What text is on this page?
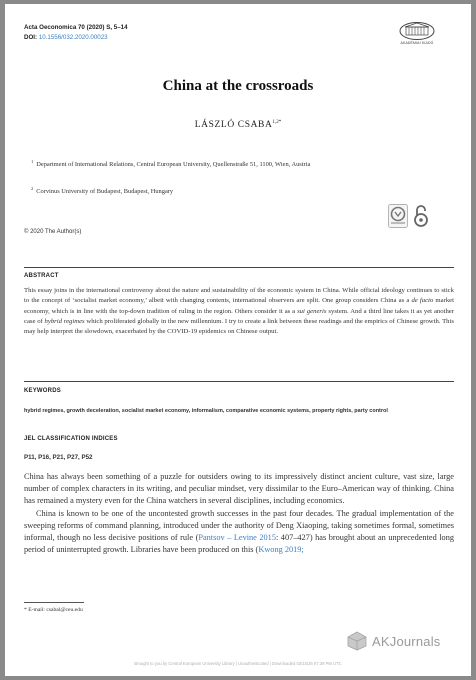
Acta Oeconomica 70 (2020) S, 5–14
DOI: 10.1556/032.2020.00023
AKADÉMIAI KIADÓ
China at the crossroads
LÁSZLÓ $CSABA^{1,2*}$
$^1$ Department of International Relations, Central European University, Quellenstraße 51, 1100, Wien, Austria
$^2$ Corvinus University of Budapest, Budapest, Hungary
© 2020 The Author(s)
ABSTRACT
This essay joins in the international controversy about the nature and sustainability of the economic system in China. While official ideology continues to stick to the concept of ‘socialist market economy,’ albeit with changing contents, international observers are split. One group considers China as a de facto market economy, which is in line with the top-down tradition of ruling in the region. Others consider it as a sui generis system. And a third line takes it as yet another case of hybrid regimes which proliferated globally in the new millennium. I try to create a link between these readings and the empirics of Chinese growth. This may help interpret the slowdown, exacerbated by the COVID-19 epidemics on Chinese output.
KEYWORDS
hybrid regimes, growth deceleration, socialist market economy, informalism, comparative economic systems, property rights, party control
JEL CLASSIFICATION INDICES
P11, P16, P21, P27, P52

China has always been something of a puzzle for outsiders owing to its impressively distinct ancient culture, vast size, large number of complex characters in its writing, and peculiar mindset, very dissimilar to the Euro–American way of thinking. China has remained a mystery even for the China watchers in several disciplines, including economics.

China is known to be one of the uncontested growth successes in the past four decades. The gradual implementation of the sweeping reforms of command planning, introduced under the authority of Deng Xiaoping, taking sometimes formal, sometimes informal, though no less decisive positions of rule (Pantsov – Levine 2015: 407–427) has brought about an unprecedented long period of uninterrupted growth. Libraries have been produced on this (Kwong 2019;

* E-mail: csabal@ceu.edu
AKJournals
Brought to you by Central European University Library | Unauthenticated | Downloaded 03/15/25 07:39 PM UTC
